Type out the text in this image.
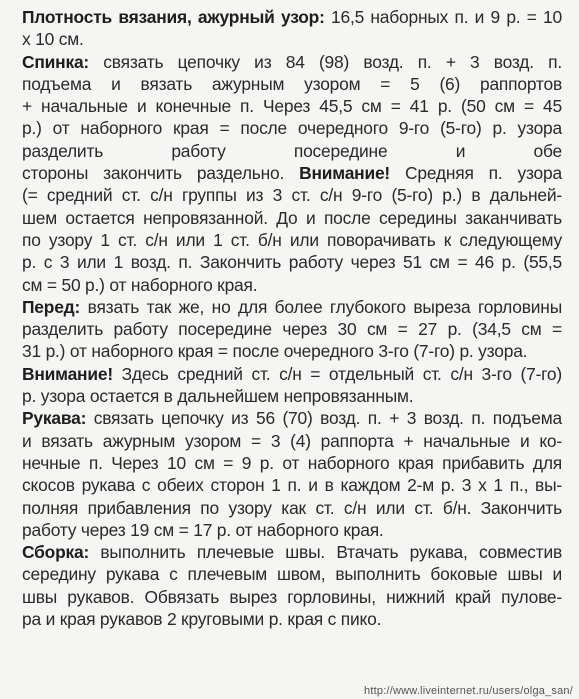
Плотность вязания, ажурный узор: 16,5 наборных п. и 9 р. = 10
х 10 см.
Спинка: связать цепочку из 84 (98) возд. п. + 3 возд. п.
подъема и вязать ажурным узором = 5 (6) раппортов
+ начальные и конечные п. Через 45,5 см = 41 р. (50 см = 45
р.) от наборного края = после очередного 9-го (5-го) р. узора
разделить работу посередине и обе
стороны закончить раздельно. Внимание! Средняя п. узора
(= средний ст. с/н группы из 3 ст. с/н 9-го (5-го) р.) в дальней-
шем остается непровязанной. До и после середины заканчивать
по узору 1 ст. с/н или 1 ст. б/н или поворачивать к следующему
р. с 3 или 1 возд. п. Закончить работу через 51 см = 46 р. (55,5
см = 50 р.) от наборного края.
Перед: вязать так же, но для более глубокого выреза горловины
разделить работу посередине через 30 см = 27 р. (34,5 см =
31 р.) от наборного края = после очередного 3-го (7-го) р. узора.
Внимание! Здесь средний ст. с/н = отдельный ст. с/н 3-го (7-го)
р. узора остается в дальнейшем непровязанным.
Рукава: связать цепочку из 56 (70) возд. п. + 3 возд. п. подъема
и вязать ажурным узором = 3 (4) раппорта + начальные и ко-
нечные п. Через 10 см = 9 р. от наборного края прибавить для
скосов рукава с обеих сторон 1 п. и в каждом 2-м р. 3 х 1 п., вы-
полняя прибавления по узору как ст. с/н или ст. б/н. Закончить
работу через 19 см = 17 р. от наборного края.
Сборка: выполнить плечевые швы. Втачать рукава, совместив
середину рукава с плечевым швом, выполнить боковые швы и
швы рукавов. Обвязать вырез горловины, нижний край пулове-
ра и края рукавов 2 круговыми р. края с пико.
http://www.liveinternet.ru/users/olga_san/
